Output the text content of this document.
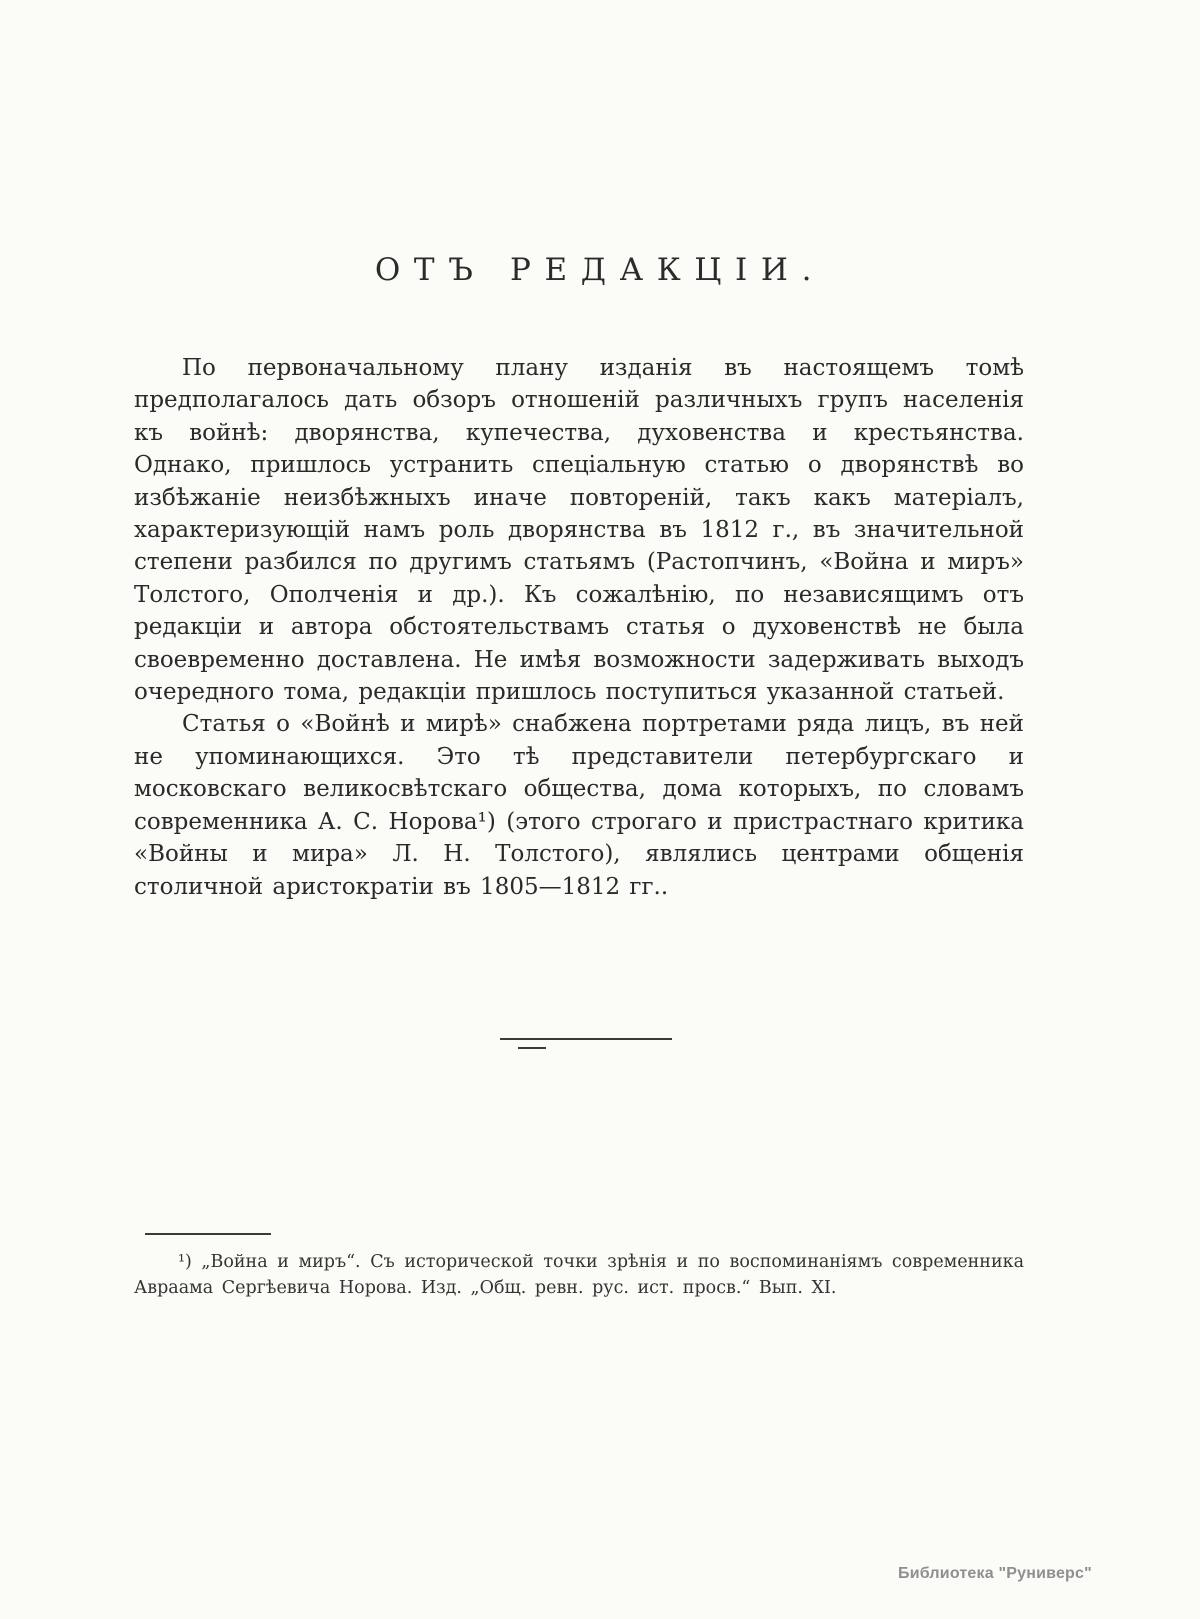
ОТЪ РЕДАКЦІИ.

По первоначальному плану изданія въ настоящемъ томѣ предполагалось дать обзоръ отношеній различныхъ групъ населенія къ войнѣ: дворянства, купечества, духовенства и крестьянства. Однако, пришлось устранить спеціальную статью о дворянствѣ во избѣжаніе неизбѣжныхъ иначе повтореній, такъ какъ матеріалъ, характеризующій намъ роль дворянства въ 1812 г., въ значительной степени разбился по другимъ статьямъ (Растопчинъ, «Война и миръ» Толстого, Ополченія и др.). Къ сожалѣнію, по независящимъ отъ редакціи и автора обстоятельствамъ статья о духовенствѣ не была своевременно доставлена. Не имѣя возможности задерживать выходъ очередного тома, редакціи пришлось поступиться указанной статьей.

Статья о «Войнѣ и мирѣ» снабжена портретами ряда лицъ, въ ней не упоминающихся. Это тѣ представители петербургскаго и московскаго великосвѣтскаго общества, дома которыхъ, по словамъ современника А. С. Норова¹) (этого строгаго и пристрастнаго критика «Войны и мира» Л. Н. Толстого), являлись центрами общенія столичной аристократіи въ 1805—1812 гг..

¹) „Война и миръ“. Съ исторической точки зрѣнія и по воспоминаніямъ современника Авраама Сергѣевича Норова. Изд. „Общ. ревн. рус. ист. просв.“ Вып. XI.

Библиотека "Руниверс"
